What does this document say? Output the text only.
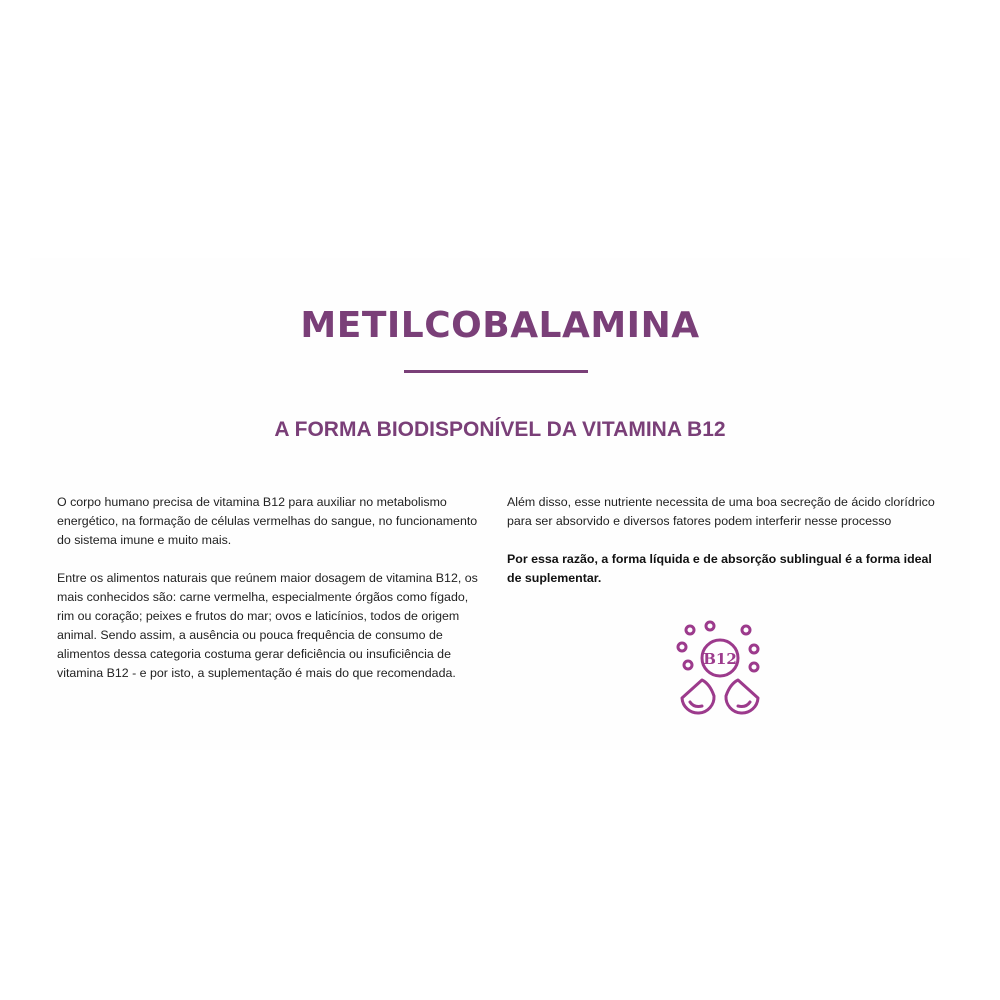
METILCOBALAMINA
A FORMA BIODISPONÍVEL DA VITAMINA B12

O corpo humano precisa de vitamina B12 para auxiliar no metabolismo energético, na formação de células vermelhas do sangue, no funcionamento do sistema imune e muito mais.

Entre os alimentos naturais que reúnem maior dosagem de vitamina B12, os mais conhecidos são: carne vermelha, especialmente órgãos como fígado, rim ou coração; peixes e frutos do mar; ovos e laticínios, todos de origem animal. Sendo assim, a ausência ou pouca frequência de consumo de alimentos dessa categoria costuma gerar deficiência ou insuficiência de vitamina B12 - e por isto, a suplementação é mais do que recomendada.

Além disso, esse nutriente necessita de uma boa secreção de ácido clorídrico para ser absorvido e diversos fatores podem interferir nesse processo

Por essa razão, a forma líquida e de absorção sublingual é a forma ideal de suplementar.

B12
